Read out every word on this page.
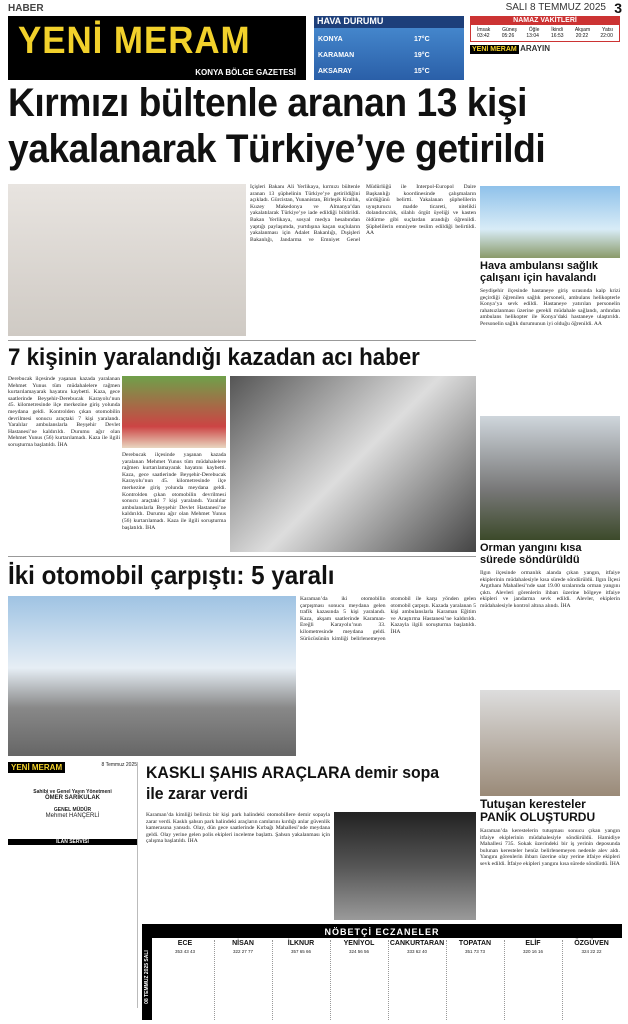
HABER	SALI 8 TEMMUZ 2025 3
YENİ MERAM
KONYA BÖLGE GAZETESİ
HAVA DURUMU
KONYA
KARAMAN
AKSARAY
17°C
19°C
15°C
NAMAZ VAKİTLERİ
İmsak Güneş Öğle İkindi Akşam Yatsı
03:42 05:26 13:04 16:53 20:22 22:00
YENİ MERAM ARAYIN
Kırmızı bültenle aranan 13 kişi yakalanarak Türkiye’ye getirildi
İçişleri Bakanı Ali Yerlikaya, kırmızı bültenle aranan 13 şüphelinin Türkiye’ye getirildiğini açıkladı. Gürcistan, Yunanistan, Birleşik Krallık, Kuzey Makedonya ve Almanya’dan yakalatılarak Türkiye’ye iade edildiği bildirildi. Bakan Yerlikaya, sosyal medya hesabından yaptığı paylaşımda, yurtdışına kaçan suçluların yakalanması için Adalet Bakanlığı, Dışişleri Bakanlığı, Jandarma ve Emniyet Genel Müdürlüğü ile Interpol-Europol Daire Başkanlığı koordinesinde çalışmaların sürdüğünü belirtti. Yakalanan şüphelilerin uyuşturucu madde ticareti, nitelikli dolandırıcılık, silahlı örgüt üyeliği ve kasten öldürme gibi suçlardan arandığı öğrenildi. Şüphelilerin emniyete teslim edildiği belirtildi. AA
Hava ambulansı sağlık çalışanı için havalandı
Seydişehir ilçesinde hastaneye giriş sırasında kalp krizi geçirdiği öğrenilen sağlık personeli, ambulans helikopterle Konya’ya sevk edildi. Hastaneye yatırılan personelin rahatsızlanması üzerine gerekli müdahale sağlandı, ardından ambulans helikopter ile Konya’daki hastaneye ulaştırıldı. Personelin sağlık durumunun iyi olduğu öğrenildi. AA
7 kişinin yaralandığı kazadan acı haber
Derebucak ilçesinde yaşanan kazada yaralanan Mehmet Yunus tüm müdahalelere rağmen kurtarılamayarak hayatını kaybetti. Kaza, gece saatlerinde Beyşehir-Derebucak Karayolu’nun 45. kilometresinde ilçe merkezine giriş yolunda meydana geldi. Kontrolden çıkan otomobilin devrilmesi sonucu araçtaki 7 kişi yaralandı. Yaralılar ambulanslarla Beyşehir Devlet Hastanesi’ne kaldırıldı. Durumu ağır olan Mehmet Yunus (56) kurtarılamadı. Kaza ile ilgili soruşturma başlatıldı. İHA
Derebucak ilçesinde yaşanan kazada yaralanan Mehmet Yunus tüm müdahalelere rağmen kurtarılamayarak hayatını kaybetti. Kaza, gece saatlerinde Beyşehir-Derebucak Karayolu’nun 45. kilometresinde ilçe merkezine giriş yolunda meydana geldi. Kontrolden çıkan otomobilin devrilmesi sonucu araçtaki 7 kişi yaralandı. Yaralılar ambulanslarla Beyşehir Devlet Hastanesi’ne kaldırıldı. Durumu ağır olan Mehmet Yunus (56) kurtarılamadı. Kaza ile ilgili soruşturma başlatıldı. İHA
Orman yangını kısa sürede söndürüldü
Ilgın ilçesinde ormanlık alanda çıkan yangın, itfaiye ekiplerinin müdahalesiyle kısa sürede söndürüldü. Ilgın İlçesi Argıthanı Mahallesi’nde saat 19.00 sıralarında orman yangını çıktı. Alevleri görenlerin ihbarı üzerine bölgeye itfaiye ekipleri ve jandarma sevk edildi. Alevler, ekiplerin müdahalesiyle kontrol altına alındı. İHA
İki otomobil çarpıştı: 5 yaralı
Karaman’da iki otomobilin çarpışması sonucu meydana gelen trafik kazasında 5 kişi yaralandı. Kaza, akşam saatlerinde Karaman-Ereğli Karayolu’nun 33. kilometresinde meydana geldi. Sürücüsünün kimliği belirlenemeyen otomobil ile karşı yönden gelen otomobil çarpıştı. Kazada yaralanan 5 kişi ambulanslarla Karaman Eğitim ve Araştırma Hastanesi’ne kaldırıldı. Kazayla ilgili soruşturma başlatıldı. İHA
Tutuşan keresteler PANİK OLUŞTURDU
Karaman’da kerestelerin tutuşması sonucu çıkan yangın itfaiye ekiplerinin müdahalesiyle söndürüldü. Hamidiye Mahallesi 735. Sokak üzerindeki bir iş yerinin deposunda bulunan keresteler henüz belirlenemeyen nedenle alev aldı. Yangını görenlerin ihbarı üzerine olay yerine itfaiye ekipleri sevk edildi. İtfaiye ekipleri yangını kısa sürede söndürdü. İHA
YENİ MERAM	8 Temmuz 2025
Sahibi ve Genel Yayın Yönetmeni
ÖMER SARIKULAK
GENEL MÜDÜR
Mehmet HANÇERLİ
İLAN SERVİSİ
KASKLI ŞAHIS ARAÇLARA demir sopa ile zarar verdi
Karaman’da kimliği belirsiz bir kişi park halindeki otomobillere demir sopayla zarar verdi. Kasklı şahsın park halindeki araçların camlarını kırdığı anlar güvenlik kamerasına yansıdı. Olay, dün gece saatlerinde Kırbağı Mahallesi’nde meydana geldi. Olay yerine gelen polis ekipleri inceleme başlattı. Şahsın yakalanması için çalışma başlatıldı. İHA
NÖBETÇİ ECZANELER
ECE
353 43 43
NİSAN
322 27 77
İLKNUR
357 65 66
YENİYOL
324 56 56
CANKURTARAN
333 62 40
TOPATAN
351 73 73
ELİF
320 16 16
ÖZGÜVEN
324 22 22
08 TEMMUZ 2025 SALI
